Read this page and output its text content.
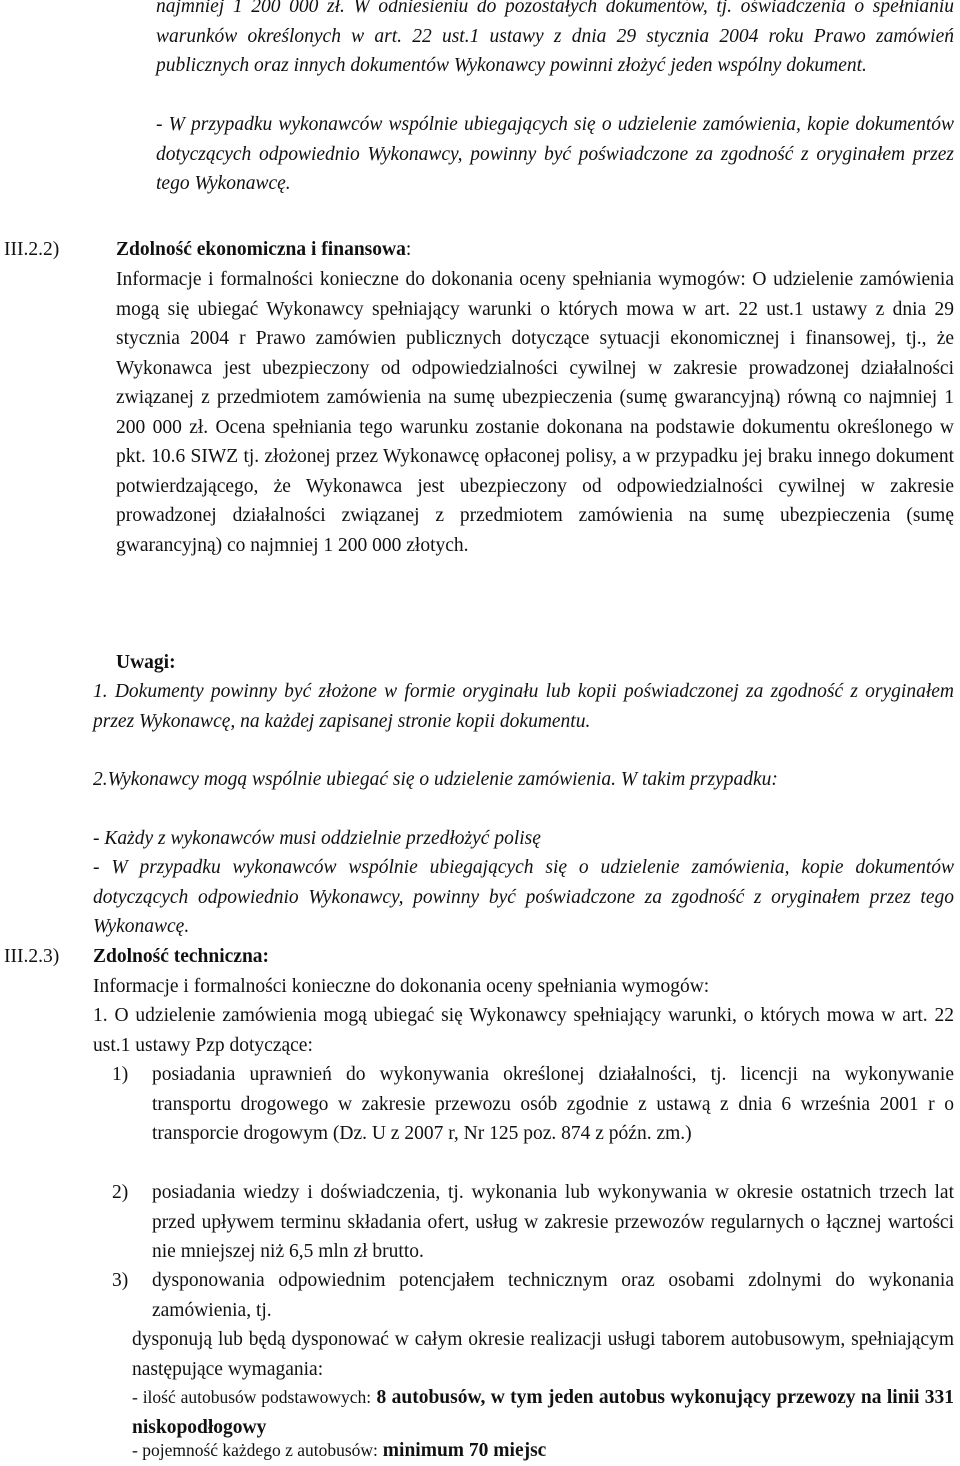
najmniej 1 200 000 zł. W odniesieniu do pozostałych dokumentów, tj. oświadczenia o spełnianiu warunków określonych w art. 22 ust.1 ustawy z dnia 29 stycznia 2004 roku Prawo zamówień publicznych oraz innych dokumentów Wykonawcy powinni złożyć jeden wspólny dokument.
- W przypadku wykonawców wspólnie ubiegających się o udzielenie zamówienia, kopie dokumentów dotyczących odpowiednio Wykonawcy, powinny być poświadczone za zgodność z oryginałem przez tego Wykonawcę.
III.2.2)	Zdolność ekonomiczna i finansowa:
Informacje i formalności konieczne do dokonania oceny spełniania wymogów: O udzielenie zamówienia mogą się ubiegać Wykonawcy spełniający warunki o których mowa w art. 22 ust.1 ustawy z dnia 29 stycznia 2004 r Prawo zamówien publicznych dotyczące sytuacji ekonomicznej i finansowej, tj., że Wykonawca jest ubezpieczony od odpowiedzialności cywilnej w zakresie prowadzonej działalności związanej z przedmiotem zamówienia na sumę ubezpieczenia (sumę gwarancyjną) równą co najmniej 1 200 000 zł. Ocena spełniania tego warunku zostanie dokonana na podstawie dokumentu określonego w pkt. 10.6 SIWZ tj. złożonej przez Wykonawcę opłaconej polisy, a w przypadku jej braku innego dokument potwierdzającego, że Wykonawca jest ubezpieczony od odpowiedzialności cywilnej w zakresie prowadzonej działalności związanej z przedmiotem zamówienia na sumę ubezpieczenia (sumę gwarancyjną) co najmniej 1 200 000 złotych.
Uwagi:
1. Dokumenty powinny być złożone w formie oryginału lub kopii poświadczonej za zgodność z oryginałem przez Wykonawcę, na każdej zapisanej stronie kopii dokumentu.
2.Wykonawcy mogą wspólnie ubiegać się o udzielenie zamówienia. W takim przypadku:
- Każdy z wykonawców musi oddzielnie przedłożyć polisę
- W przypadku wykonawców wspólnie ubiegających się o udzielenie zamówienia, kopie dokumentów dotyczących odpowiednio Wykonawcy, powinny być poświadczone za zgodność z oryginałem przez tego Wykonawcę.
III.2.3) Zdolność techniczna:
Informacje i formalności konieczne do dokonania oceny spełniania wymogów:
1. O udzielenie zamówienia mogą ubiegać się Wykonawcy spełniający warunki, o których mowa w art. 22 ust.1 ustawy Pzp dotyczące:
1) posiadania uprawnień do wykonywania określonej działalności, tj. licencji na wykonywanie transportu drogowego w zakresie przewozu osób zgodnie z ustawą z dnia 6 września 2001 r o transporcie drogowym (Dz. U z 2007 r, Nr 125 poz. 874 z późn. zm.)
2) posiadania wiedzy i doświadczenia, tj. wykonania lub wykonywania w okresie ostatnich trzech lat przed upływem terminu składania ofert, usług w zakresie przewozów regularnych o łącznej wartości nie mniejszej niż 6,5 mln zł brutto.
3) dysponowania odpowiednim potencjałem technicznym oraz osobami zdolnymi do wykonania zamówienia, tj.
dysponują lub będą dysponować w całym okresie realizacji usługi taborem autobusowym, spełniającym następujące wymagania:
- ilość autobusów podstawowych: 8 autobusów, w tym jeden autobus wykonujący przewozy na linii 331 niskopodłogowy
- pojemność każdego z autobusów: minimum 70 miejsc
